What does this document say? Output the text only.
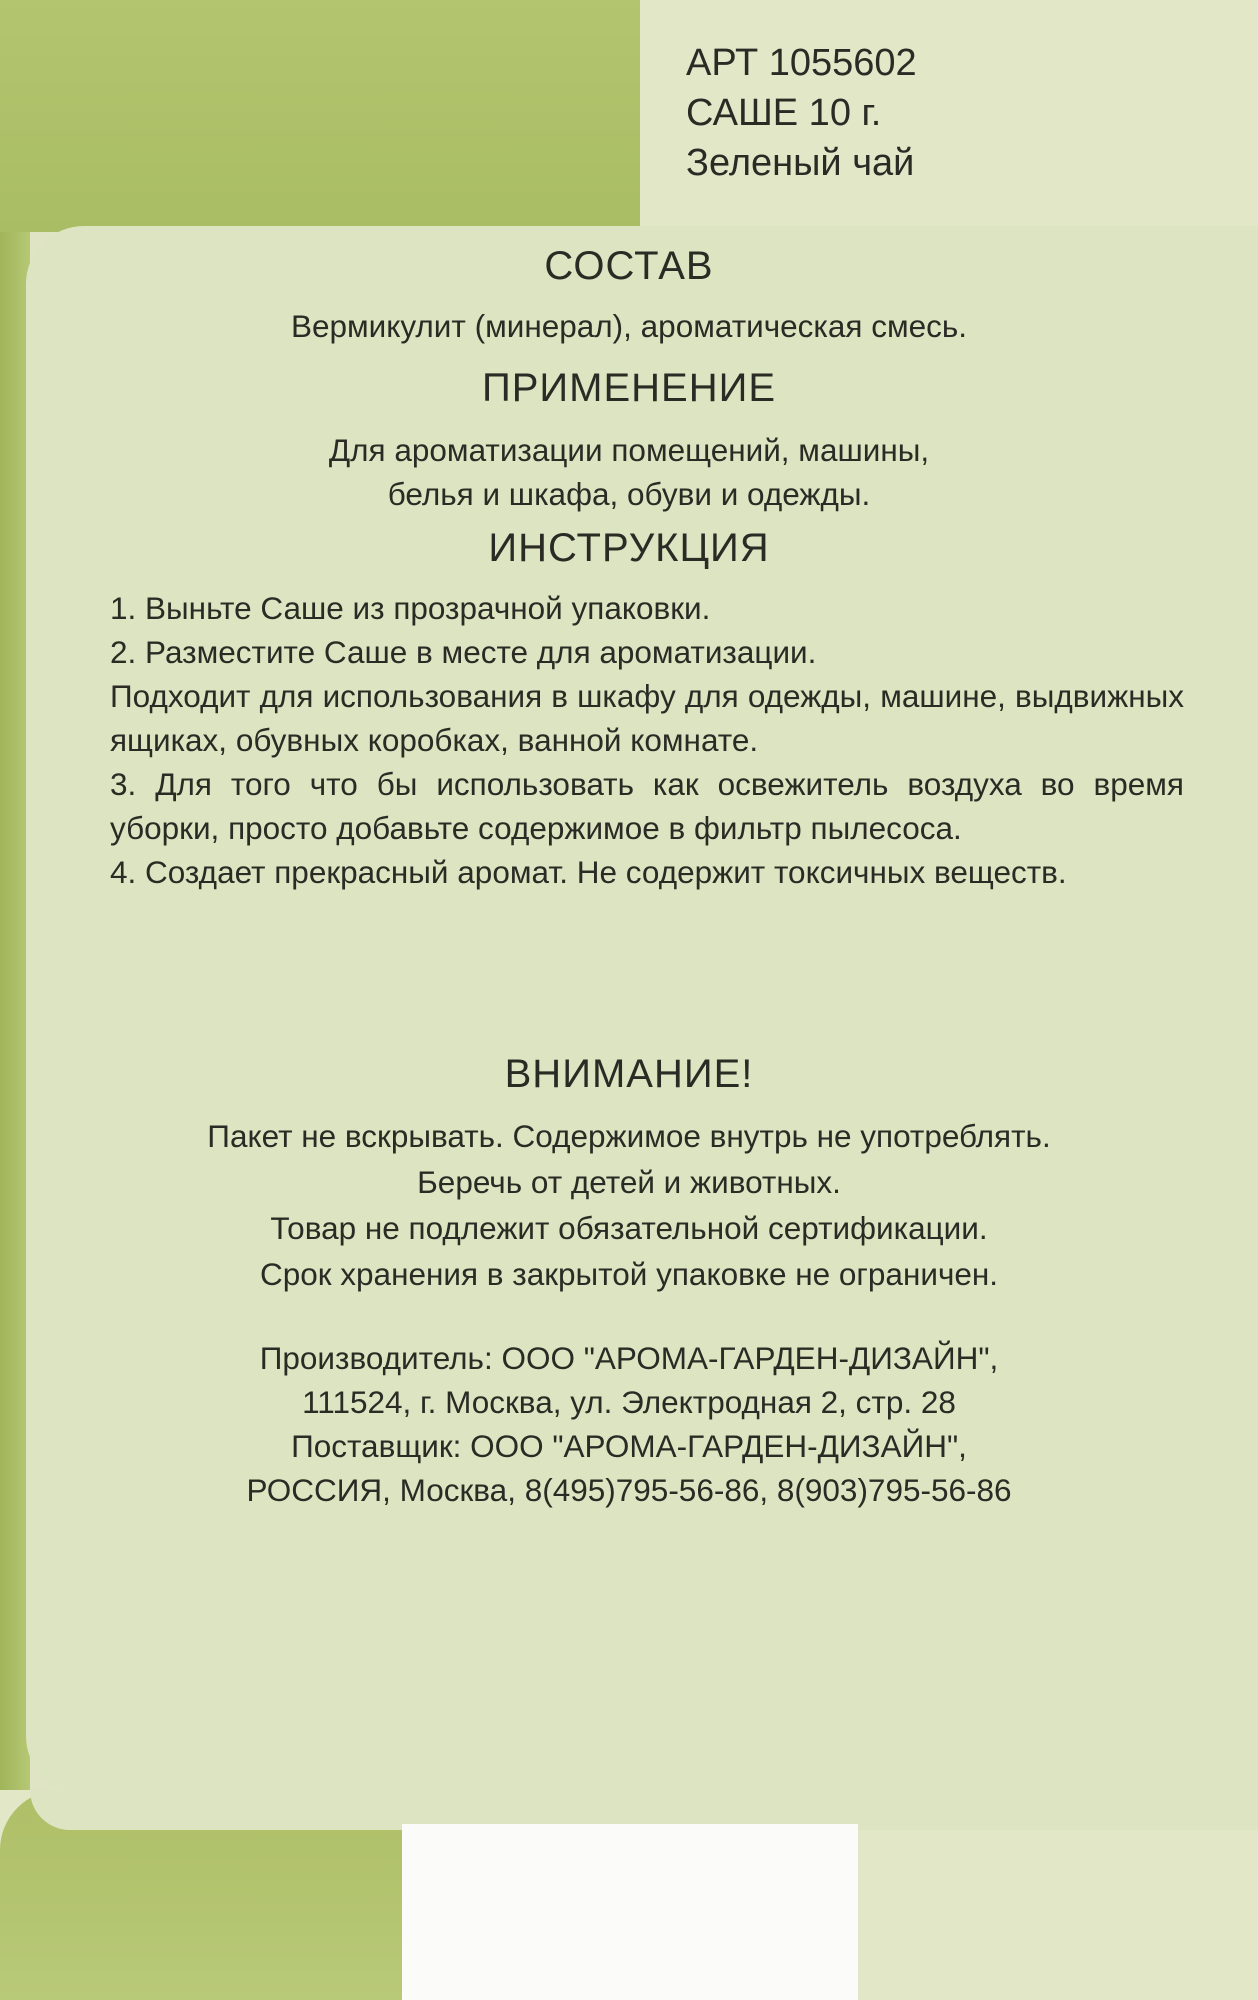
АРТ 1055602
САШЕ 10 г.
Зеленый чай
СОСТАВ
Вермикулит (минерал), ароматическая смесь.
ПРИМЕНЕНИЕ
Для ароматизации помещений, машины,
белья и шкафа, обуви и одежды.
ИНСТРУКЦИЯ

1. Выньте Саше из прозрачной упаковки.

2. Разместите Саше в месте для ароматизации.

Подходит для использования в шкафу для одежды, машине, выдвижных ящиках, обувных коробках, ванной комнате.

3. Для того что бы использовать как освежитель воздуха во время уборки, просто добавьте содержимое в фильтр пылесоса.

4. Создает прекрасный аромат. Не содержит токсичных веществ.

ВНИМАНИЕ!
Пакет не вскрывать. Содержимое внутрь не употреблять.
Беречь от детей и животных.
Товар не подлежит обязательной сертификации.
Срок хранения в закрытой упаковке не ограничен.
Производитель: ООО "АРОМА-ГАРДЕН-ДИЗАЙН",
111524, г. Москва, ул. Электродная 2, стр. 28
Поставщик: ООО "АРОМА-ГАРДЕН-ДИЗАЙН",
РОССИЯ, Москва, 8(495)795-56-86, 8(903)795-56-86
